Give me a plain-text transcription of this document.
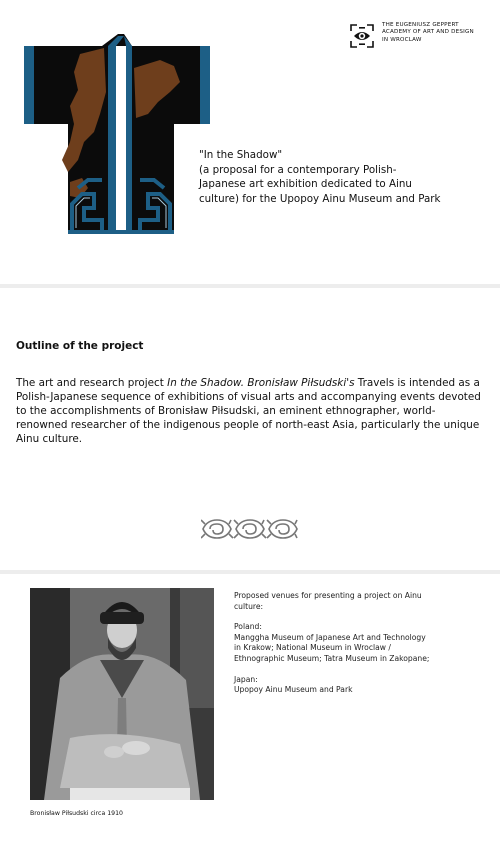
THE EUGENIUSZ GEPPERT
ACADEMY OF ART AND DESIGN
IN WROCLAW

"In the Shadow"

(a proposal for a contemporary Polish-

Japanese art exhibition dedicated to Ainu

culture) for the Upopoy Ainu Museum and Park

Outline of the project
The art and research project In the Shadow. Bronisław Piłsudski's Travels is intended as a Polish-Japanese sequence of exhibitions of visual arts and accompanying events devoted to the accomplishments of Bronisław Piłsudski, an eminent ethnographer, world-renowned researcher of the indigenous people of north-east Asia, particularly the unique Ainu culture.
Bronisław Piłsudski circa 1910

Proposed venues for presenting a project on Ainu culture:

Poland:

Manggha Museum of Japanese Art and Technology in Krakow; National Museum in Wroclaw / Ethnographic Museum; Tatra Museum in Zakopane;

Japan:

Upopoy Ainu Museum and Park
